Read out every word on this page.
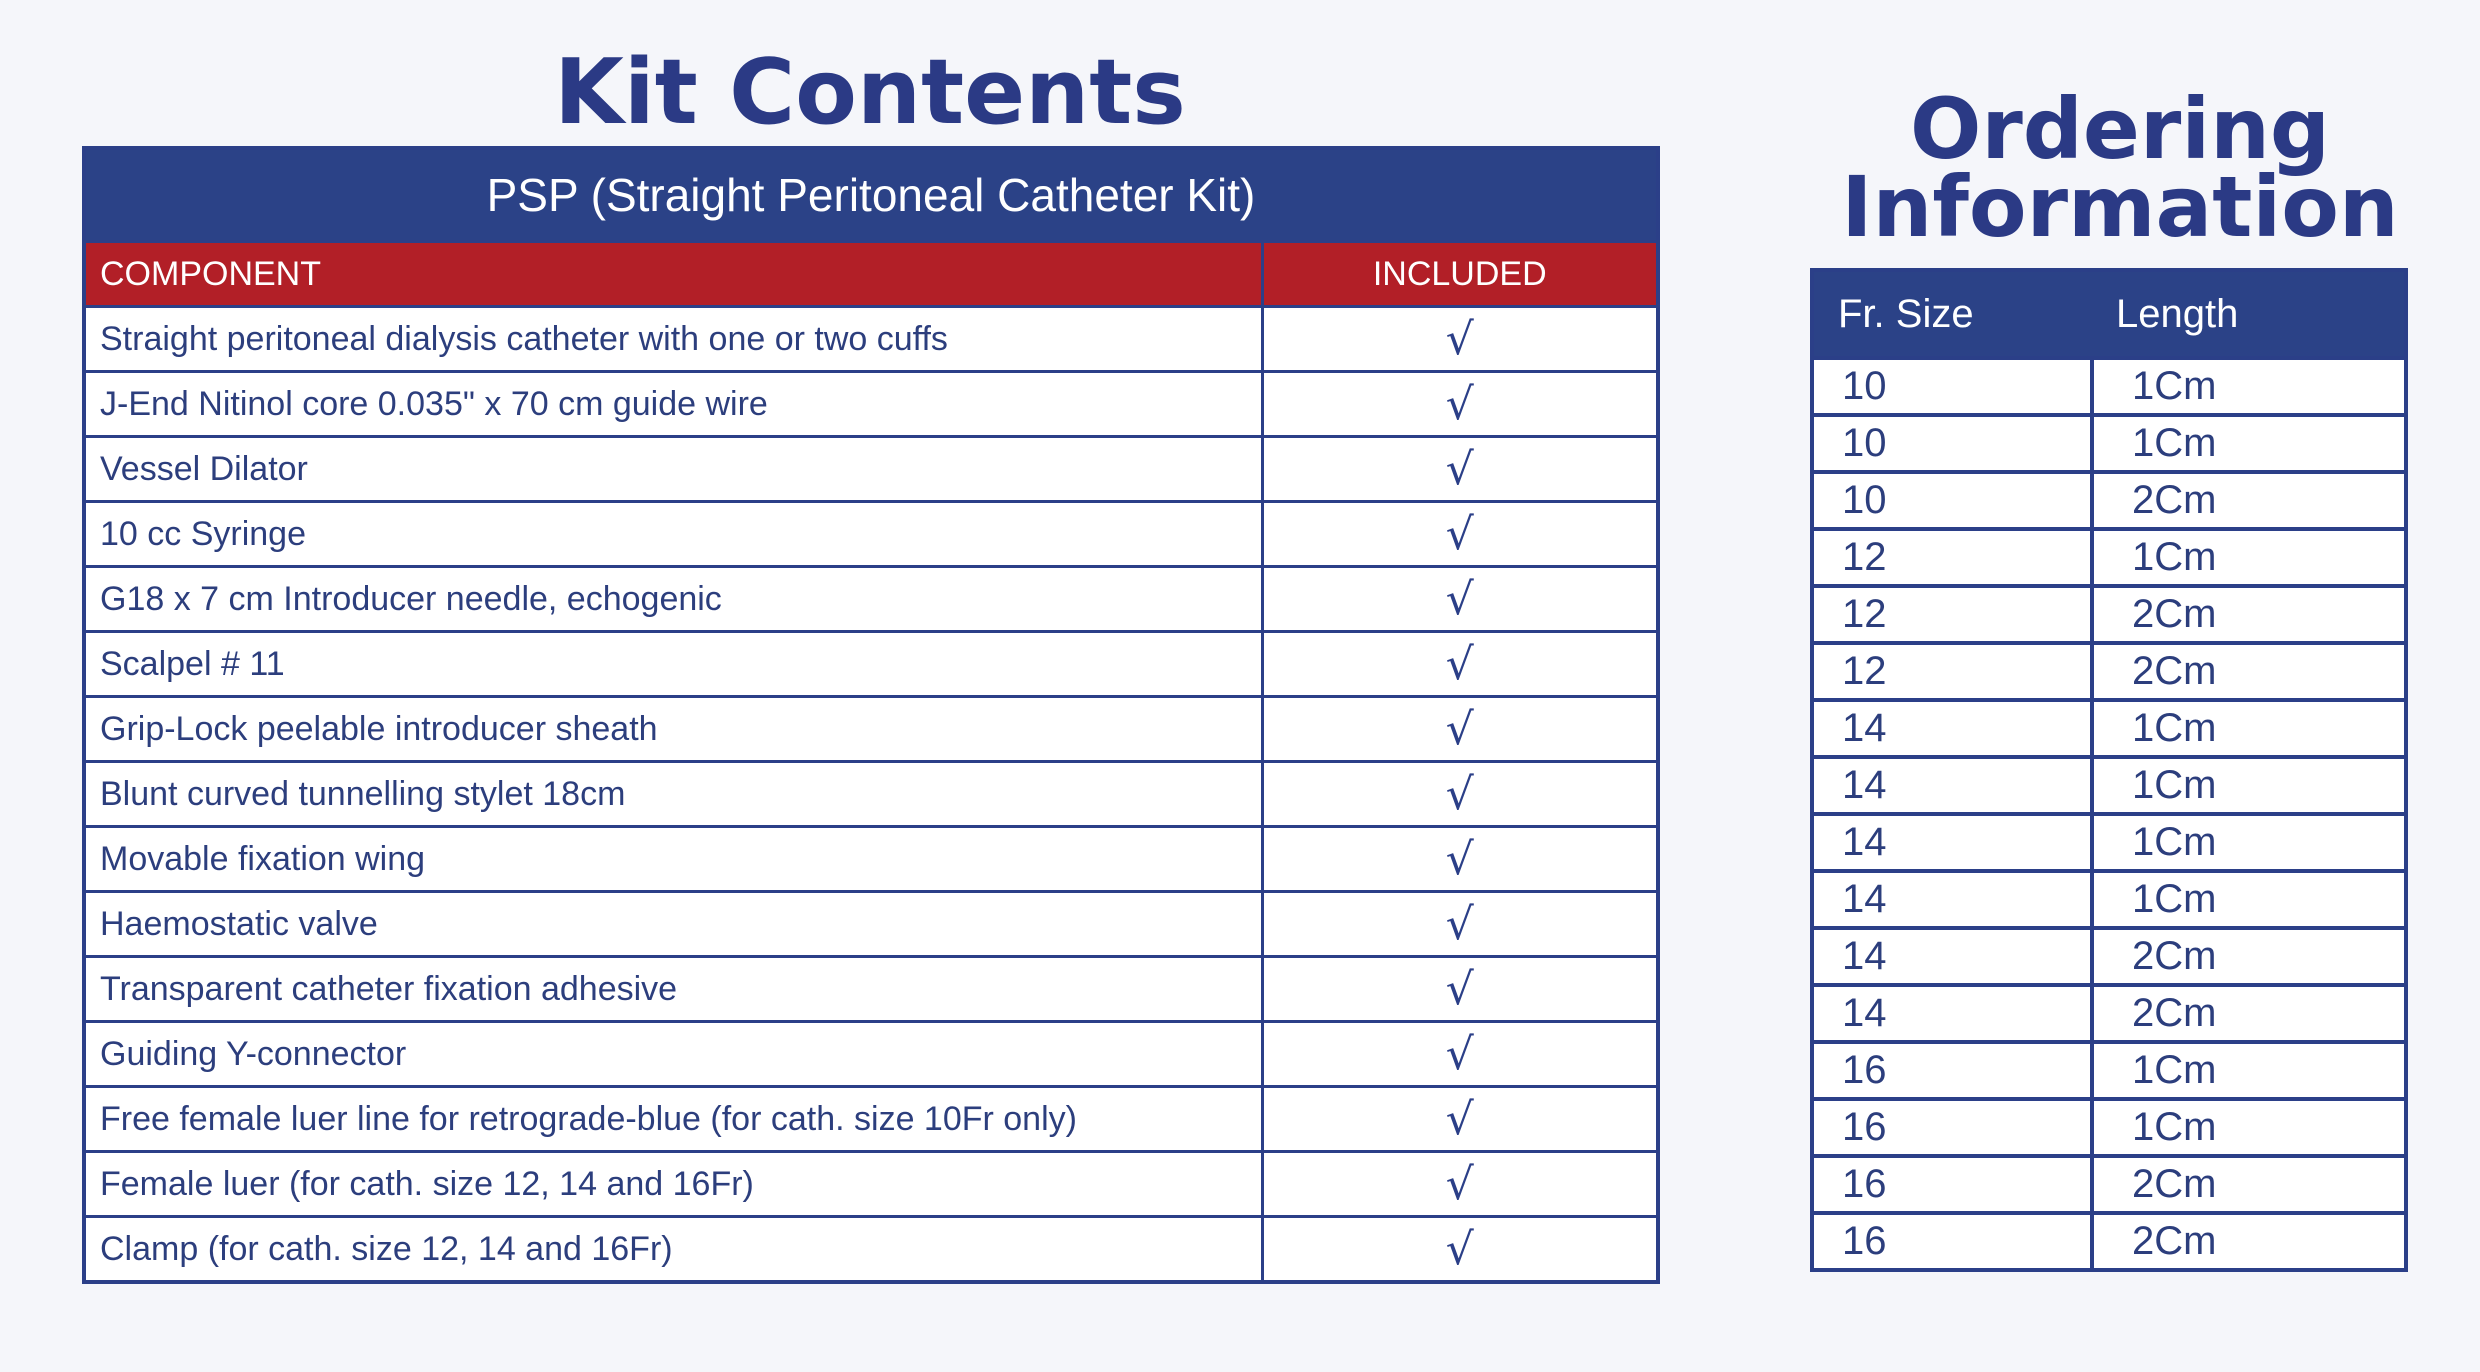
Kit Contents
PSP (Straight Peritoneal Catheter Kit)	
COMPONENT	INCLUDED
Straight peritoneal dialysis catheter with one or two cuffs	√
J-End Nitinol core 0.035" x 70 cm guide wire	√
Vessel Dilator	√
10 cc Syringe	√
G18 x 7 cm Introducer needle, echogenic	√
Scalpel # 11	√
Grip-Lock peelable introducer sheath	√
Blunt curved tunnelling stylet 18cm	√
Movable fixation wing	√
Haemostatic valve	√
Transparent catheter fixation adhesive	√
Guiding Y-connector	√
Free female luer line for retrograde-blue (for cath. size 10Fr only)	√
Female luer (for cath. size 12, 14 and 16Fr)	√
Clamp (for cath. size 12, 14 and 16Fr)	√
Ordering
Information
Fr. Size	Length
10	1Cm
10	1Cm
10	2Cm
12	1Cm
12	2Cm
12	2Cm
14	1Cm
14	1Cm
14	1Cm
14	1Cm
14	2Cm
14	2Cm
16	1Cm
16	1Cm
16	2Cm
16	2Cm
